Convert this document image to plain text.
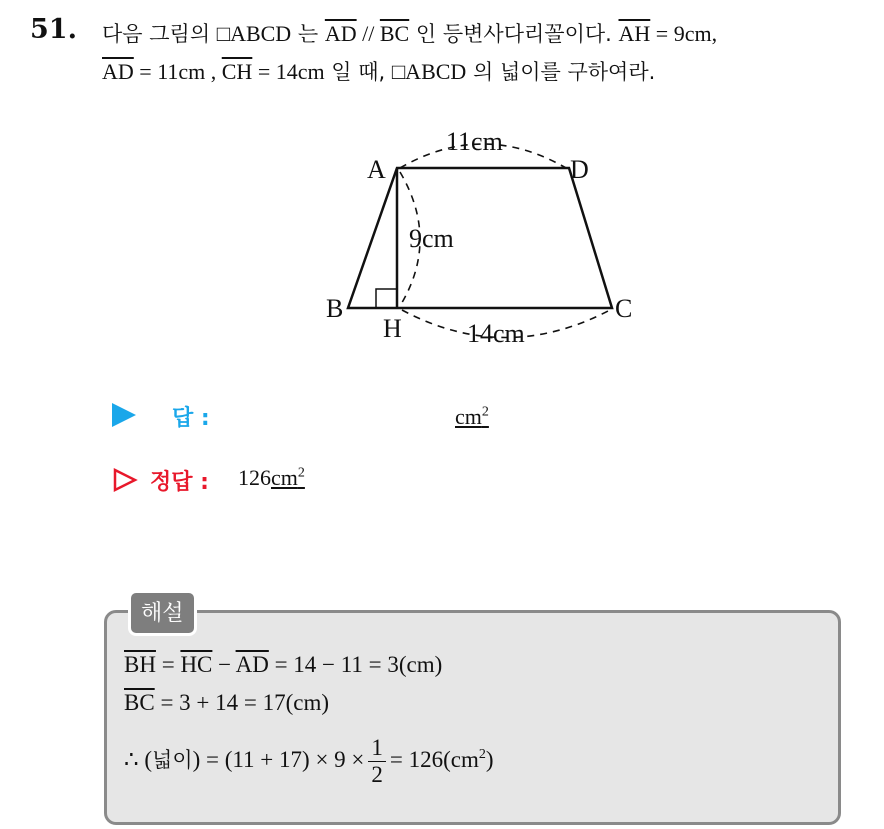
51. 다음 그림의 □ABCD 는 $\overline{AD} // \overline{BC}$ 인 등변사다리꼴이다. $\overline{AH} = 9cm$,
$\overline{AD} = 11cm$ , $\overline{CH} = 14cm$ 일 때, □ABCD 의 넓이를 구하여라.
A	D
B	C
H
11cm
9cm
14cm
답 :	$cm^2$
정답 : $126cm^2$
해설
$\overline{BH} = \overline{HC} - \overline{AD} = 14 - 11 = 3(cm)$
$\overline{BC} = 3 + 14 = 17(cm)$
∴ (넓이) = $(11 + 17) \times 9 \times \frac{1}{2} = 126(cm^2)$
